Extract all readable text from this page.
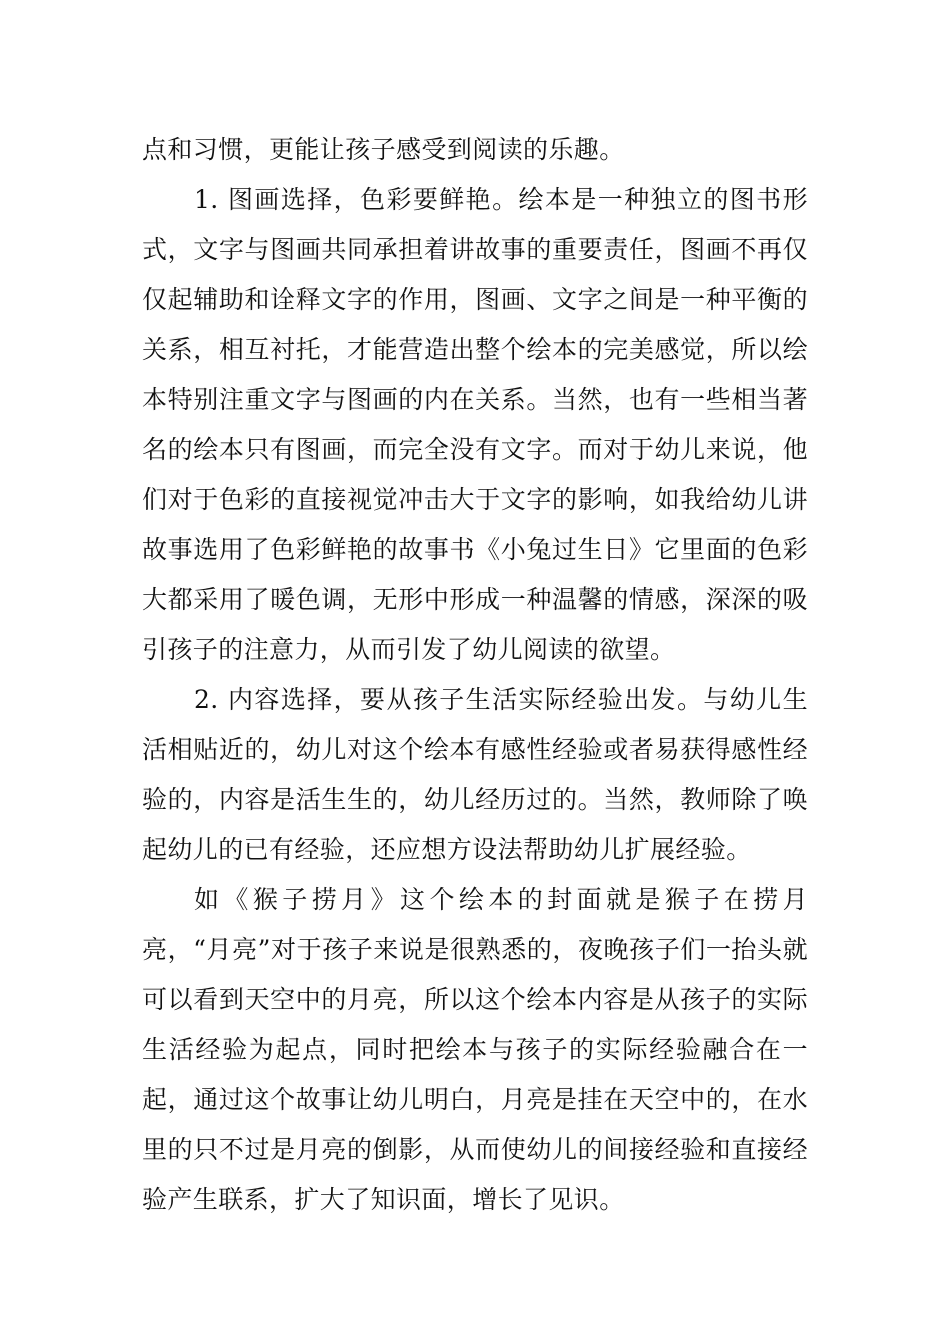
点和习惯，更能让孩子感受到阅读的乐趣。

1. 图画选择，色彩要鲜艳。绘本是一种独立的图书形式，文字与图画共同承担着讲故事的重要责任，图画不再仅仅起辅助和诠释文字的作用，图画、文字之间是一种平衡的关系，相互衬托，才能营造出整个绘本的完美感觉，所以绘本特别注重文字与图画的内在关系。当然，也有一些相当著名的绘本只有图画，而完全没有文字。而对于幼儿来说，他们对于色彩的直接视觉冲击大于文字的影响，如我给幼儿讲故事选用了色彩鲜艳的故事书《小兔过生日》它里面的色彩大都采用了暖色调，无形中形成一种温馨的情感，深深的吸引孩子的注意力，从而引发了幼儿阅读的欲望。

2. 内容选择，要从孩子生活实际经验出发。与幼儿生活相贴近的，幼儿对这个绘本有感性经验或者易获得感性经验的，内容是活生生的，幼儿经历过的。当然，教师除了唤起幼儿的已有经验，还应想方设法帮助幼儿扩展经验。

如《猴子捞月》这个绘本的封面就是猴子在捞月亮，“月亮”对于孩子来说是很熟悉的，夜晚孩子们一抬头就可以看到天空中的月亮，所以这个绘本内容是从孩子的实际生活经验为起点，同时把绘本与孩子的实际经验融合在一起，通过这个故事让幼儿明白，月亮是挂在天空中的，在水里的只不过是月亮的倒影，从而使幼儿的间接经验和直接经验产生联系，扩大了知识面，增长了见识。
